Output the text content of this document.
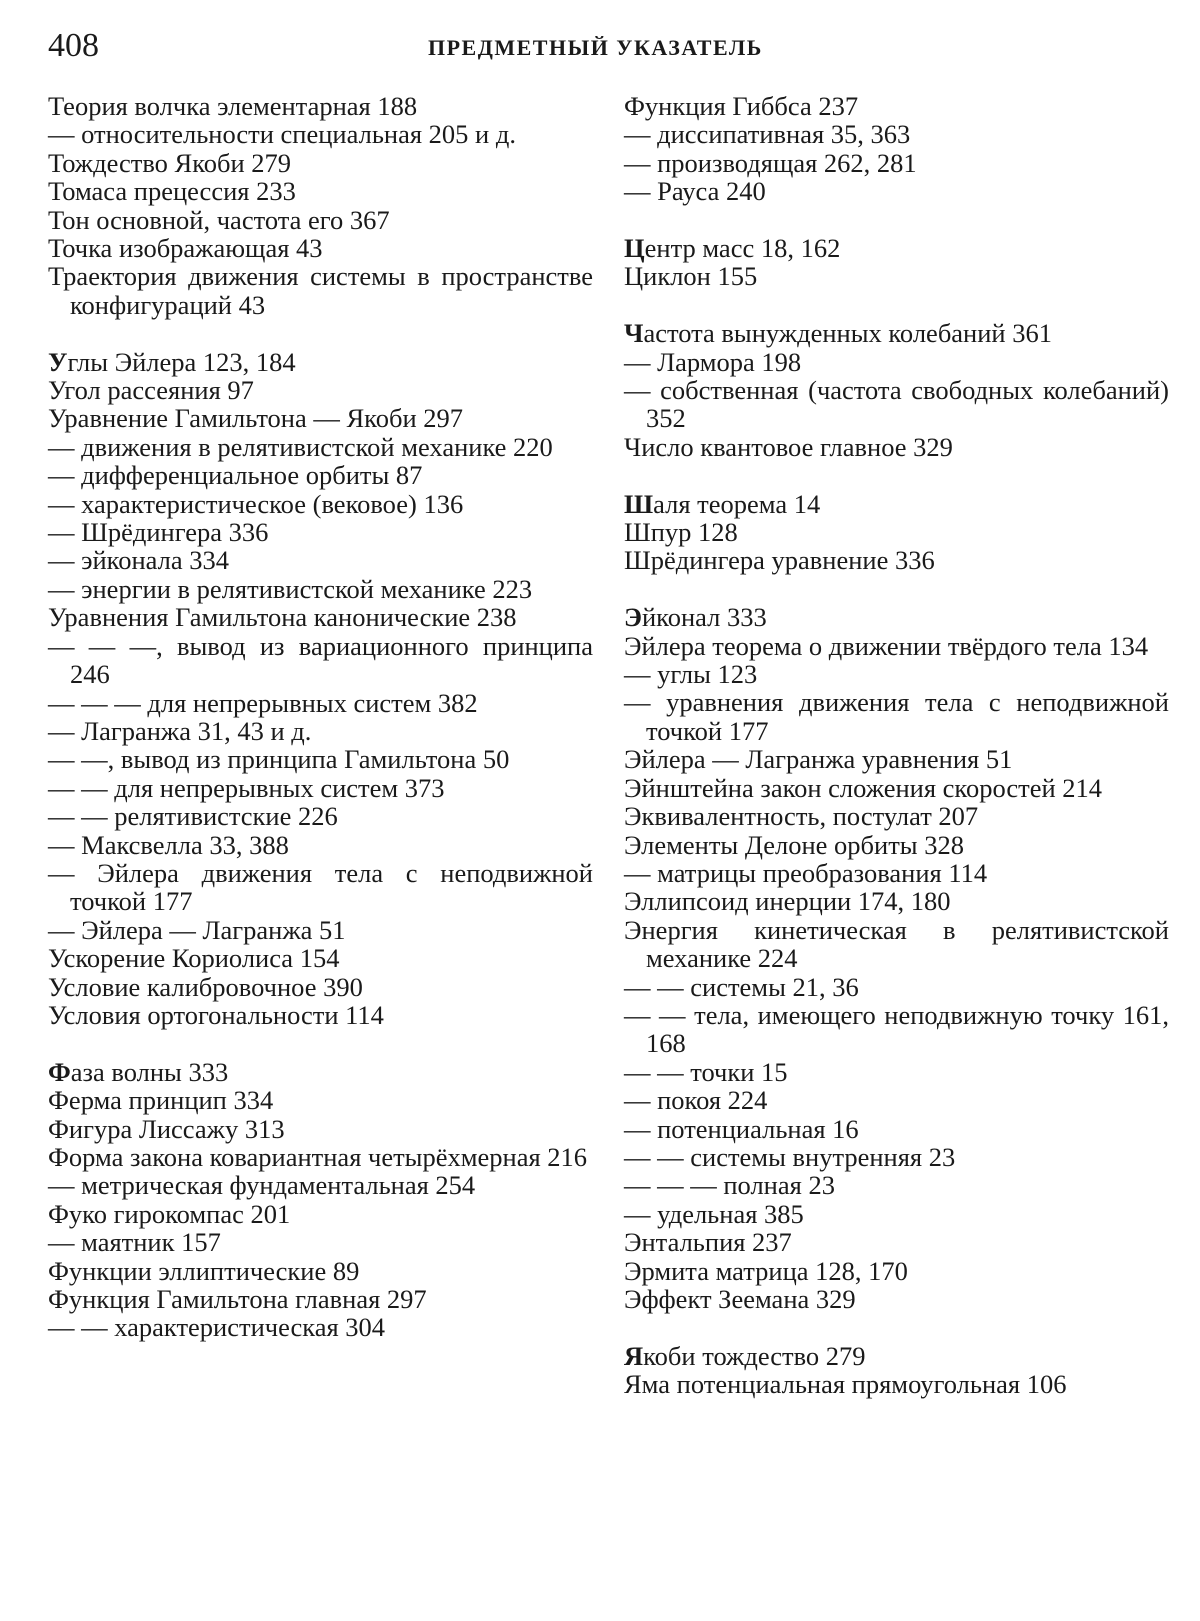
408	ПРЕДМЕТНЫЙ УКАЗАТЕЛЬ
Теория волчка элементарная 188
— относительности специальная 205 и д.
Тождество Якоби 279
Томаса прецессия 233
Тон основной, частота его 367
Точка изображающая 43
Траектория движения системы в пространстве конфигураций 43
Углы Эйлера 123, 184
Угол рассеяния 97
Уравнение Гамильтона — Якоби 297
— движения в релятивистской механике 220
— дифференциальное орбиты 87
— характеристическое (вековое) 136
— Шрёдингера 336
— эйконала 334
— энергии в релятивистской механике 223
Уравнения Гамильтона канонические 238
— — —, вывод из вариационного принципа 246
— — — для непрерывных систем 382
— Лагранжа 31, 43 и д.
— —, вывод из принципа Гамильтона 50
— — для непрерывных систем 373
— — релятивистские 226
— Максвелла 33, 388
— Эйлера движения тела с неподвижной точкой 177
— Эйлера — Лагранжа 51
Ускорение Кориолиса 154
Условие калибровочное 390
Условия ортогональности 114
Фаза волны 333
Ферма принцип 334
Фигура Лиссажу 313
Форма закона ковариантная четырёхмерная 216
— метрическая фундаментальная 254
Фуко гирокомпас 201
— маятник 157
Функции эллиптические 89
Функция Гамильтона главная 297
— — характеристическая 304
Функция Гиббса 237
— диссипативная 35, 363
— производящая 262, 281
— Рауса 240
Центр масс 18, 162
Циклон 155
Частота вынужденных колебаний 361
— Лармора 198
— собственная (частота свободных колебаний) 352
Число квантовое главное 329
Шаля теорема 14
Шпур 128
Шрёдингера уравнение 336
Эйконал 333
Эйлера теорема о движении твёрдого тела 134
— углы 123
— уравнения движения тела с неподвижной точкой 177
Эйлера — Лагранжа уравнения 51
Эйнштейна закон сложения скоростей 214
Эквивалентность, постулат 207
Элементы Делоне орбиты 328
— матрицы преобразования 114
Эллипсоид инерции 174, 180
Энергия кинетическая в релятивистской механике 224
— — системы 21, 36
— — тела, имеющего неподвижную точку 161, 168
— — точки 15
— покоя 224
— потенциальная 16
— — системы внутренняя 23
— — — полная 23
— удельная 385
Энтальпия 237
Эрмита матрица 128, 170
Эффект Зеемана 329
Якоби тождество 279
Яма потенциальная прямоугольная 106
